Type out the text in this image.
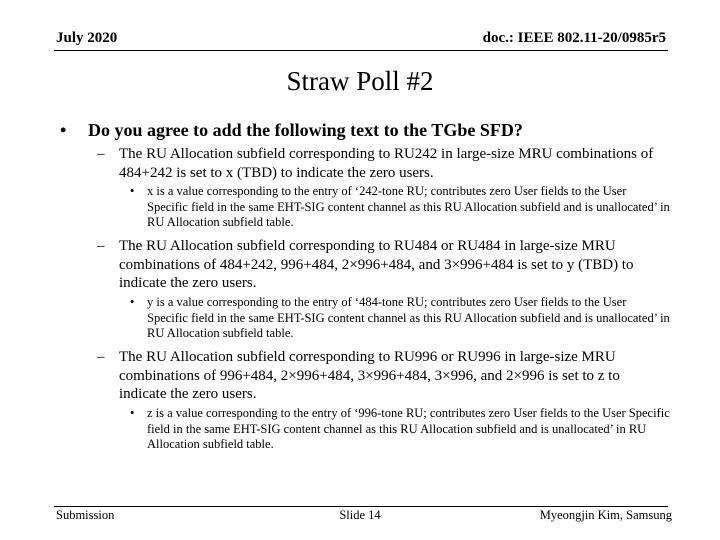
July 2020	doc.: IEEE 802.11-20/0985r5
Straw Poll #2
• Do you agree to add the following text to the TGbe SFD?
– The RU Allocation subfield corresponding to RU242 in large-size MRU combinations of 484+242 is set to x (TBD) to indicate the zero users.
• x is a value corresponding to the entry of ‘242-tone RU; contributes zero User fields to the User Specific field in the same EHT-SIG content channel as this RU Allocation subfield and is unallocated’ in RU Allocation subfield table.
– The RU Allocation subfield corresponding to RU484 or RU484 in large-size MRU combinations of 484+242, 996+484, 2×996+484, and 3×996+484 is set to y (TBD) to indicate the zero users.
• y is a value corresponding to the entry of ‘484-tone RU; contributes zero User fields to the User Specific field in the same EHT-SIG content channel as this RU Allocation subfield and is unallocated’ in RU Allocation subfield table.
– The RU Allocation subfield corresponding to RU996 or RU996 in large-size MRU combinations of 996+484, 2×996+484, 3×996+484, 3×996, and 2×996 is set to z to indicate the zero users.
• z is a value corresponding to the entry of ‘996-tone RU; contributes zero User fields to the User Specific field in the same EHT-SIG content channel as this RU Allocation subfield and is unallocated’ in RU Allocation subfield table.
Submission	Slide 14	Myeongjin Kim, Samsung
